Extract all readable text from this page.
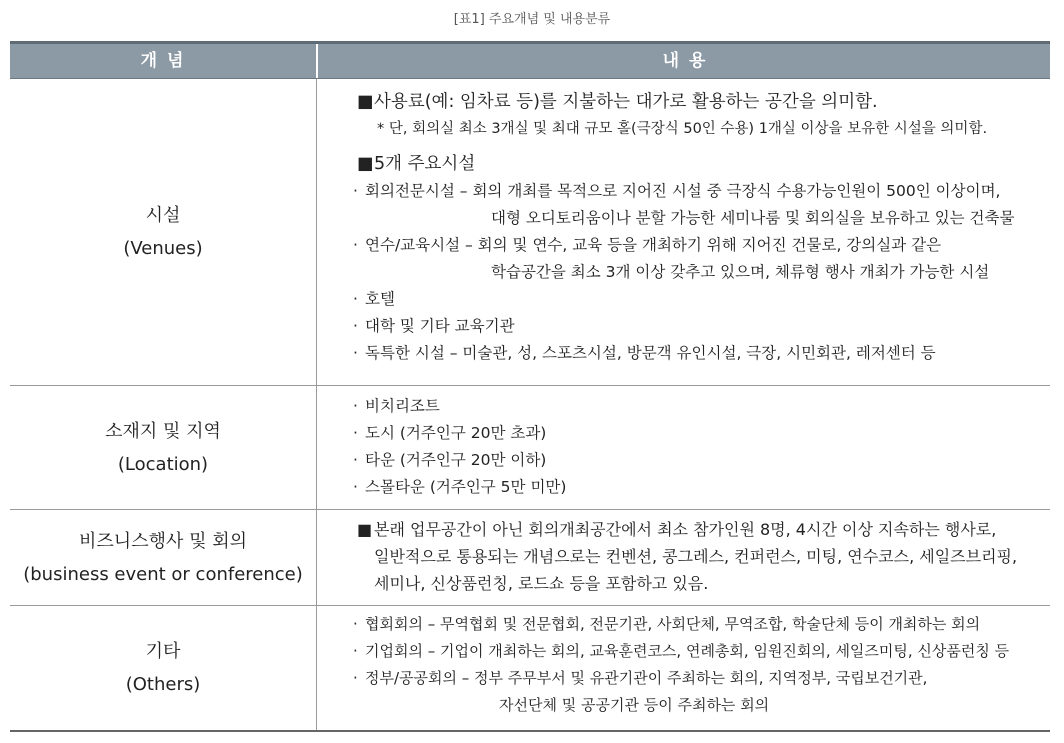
[표1] 주요개념 및 내용분류
개 념	내 용
시설
(Venues)
■사용료(예: 임차료 등)를 지불하는 대가로 활용하는 공간을 의미함.
* 단, 회의실 최소 3개실 및 최대 규모 홀(극장식 50인 수용) 1개실 이상을 보유한 시설을 의미함.
■5개 주요시설
· 회의전문시설 – 회의 개최를 목적으로 지어진 시설 중 극장식 수용가능인원이 500인 이상이며,
대형 오디토리움이나 분할 가능한 세미나룸 및 회의실을 보유하고 있는 건축물
· 연수/교육시설 – 회의 및 연수, 교육 등을 개최하기 위해 지어진 건물로, 강의실과 같은
학습공간을 최소 3개 이상 갖추고 있으며, 체류형 행사 개최가 가능한 시설
· 호텔
· 대학 및 기타 교육기관
· 독특한 시설 – 미술관, 성, 스포츠시설, 방문객 유인시설, 극장, 시민회관, 레저센터 등
소재지 및 지역
(Location)
· 비치리조트
· 도시 (거주인구 20만 초과)
· 타운 (거주인구 20만 이하)
· 스몰타운 (거주인구 5만 미만)
비즈니스행사 및 회의
(business event or conference)
■ 본래 업무공간이 아닌 회의개최공간에서 최소 참가인원 8명, 4시간 이상 지속하는 행사로,
일반적으로 통용되는 개념으로는 컨벤션, 콩그레스, 컨퍼런스, 미팅, 연수코스, 세일즈브리핑,
세미나, 신상품런칭, 로드쇼 등을 포함하고 있음.
기타
(Others)
· 협회회의 – 무역협회 및 전문협회, 전문기관, 사회단체, 무역조합, 학술단체 등이 개최하는 회의
· 기업회의 – 기업이 개최하는 회의, 교육훈련코스, 연례총회, 임원진회의, 세일즈미팅, 신상품런칭 등
· 정부/공공회의 – 정부 주무부서 및 유관기관이 주최하는 회의, 지역정부, 국립보건기관,
자선단체 및 공공기관 등이 주최하는 회의
